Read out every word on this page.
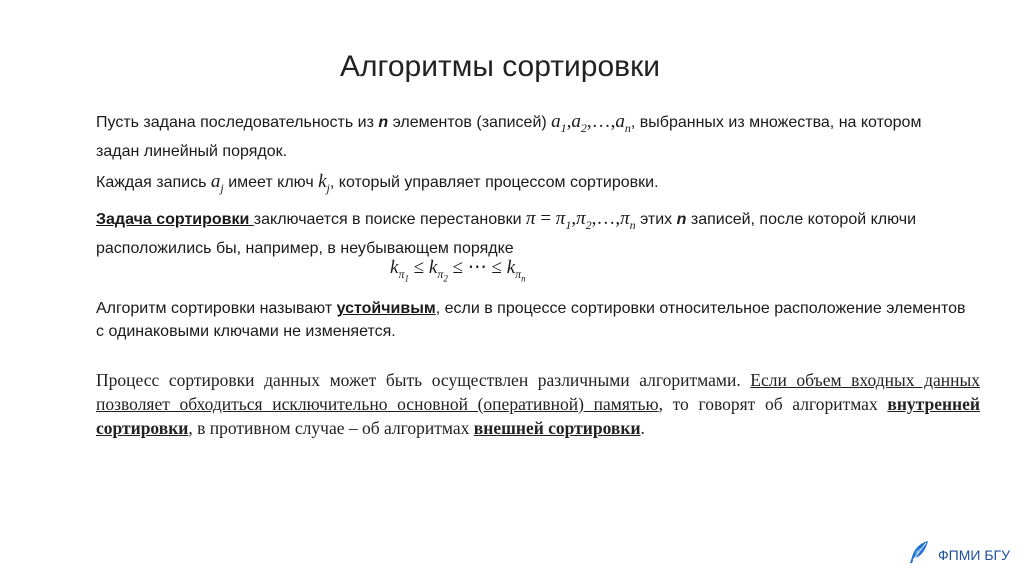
Алгоритмы сортировки
Пусть задана последовательность из n элементов (записей) $a_1,a_2,\dots,a_n$, выбранных из множества, на котором задан линейный порядок.
Каждая запись $a_j$ имеет ключ $k_j$, который управляет процессом сортировки.
Задача сортировки заключается в поиске перестановки $\pi = \pi_1,\pi_2,\dots,\pi_n$ этих n записей, после которой ключи расположились бы, например, в неубывающем порядке
$k_{\pi_1} \le k_{\pi_2}$ ≤ ⋯ ≤ $k_{\pi_n}$
Алгоритм сортировки называют устойчивым, если в процессе сортировки относительное расположение элементов с одинаковыми ключами не изменяется.
Процесс сортировки данных может быть осуществлен различными алгоритмами. Если объем входных данных позволяет обходиться исключительно основной (оперативной) памятью, то говорят об алгоритмах внутренней сортировки, в противном случае – об алгоритмах внешней сортировки.
ФПМИ БГУ
